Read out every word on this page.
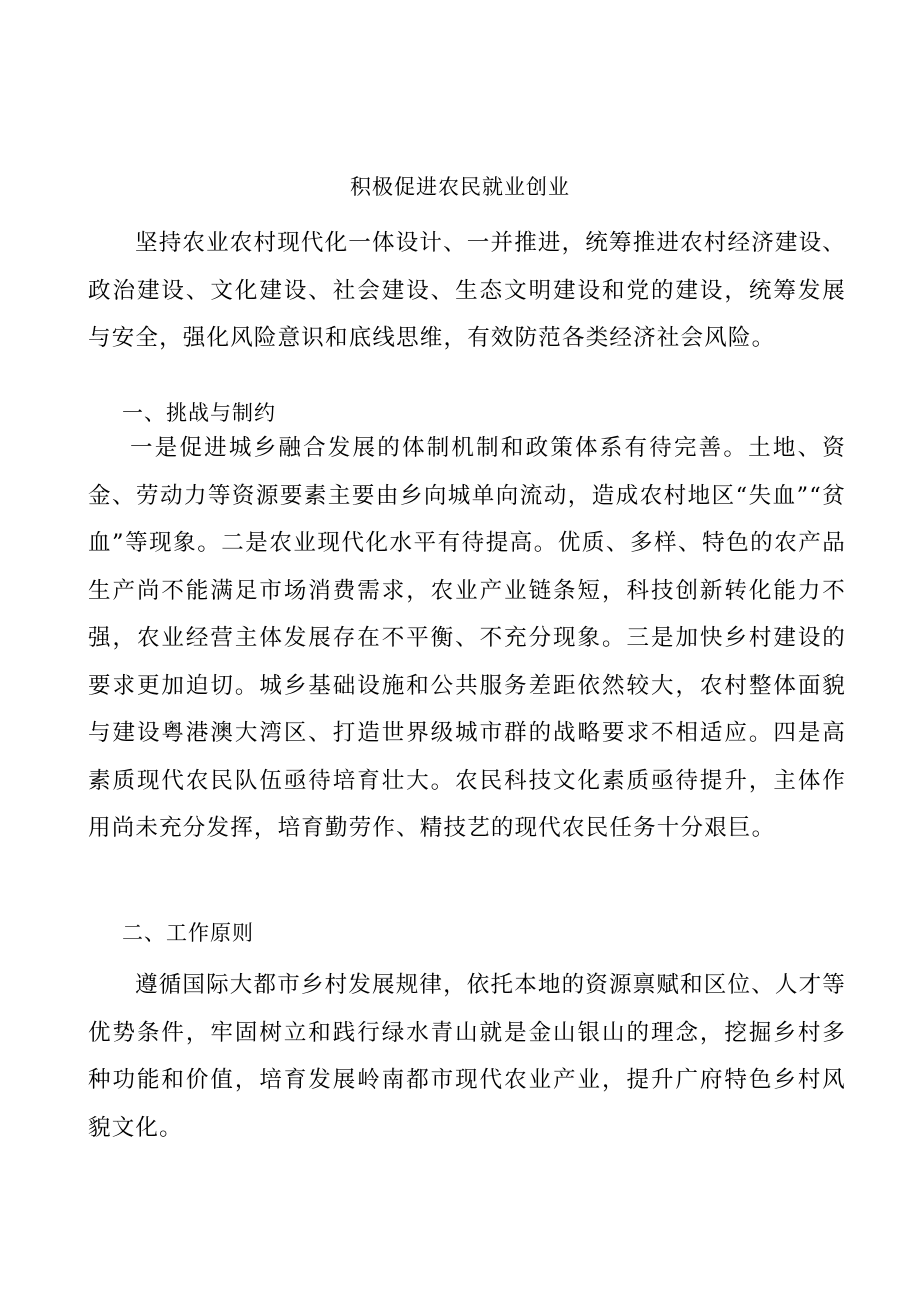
积极促进农民就业创业

坚持农业农村现代化一体设计、一并推进，统筹推进农村经济建设、政治建设、文化建设、社会建设、生态文明建设和党的建设，统筹发展与安全，强化风险意识和底线思维，有效防范各类经济社会风险。

一、挑战与制约

一是促进城乡融合发展的体制机制和政策体系有待完善。土地、资金、劳动力等资源要素主要由乡向城单向流动，造成农村地区“失血”“贫血”等现象。二是农业现代化水平有待提高。优质、多样、特色的农产品生产尚不能满足市场消费需求，农业产业链条短，科技创新转化能力不强，农业经营主体发展存在不平衡、不充分现象。三是加快乡村建设的要求更加迫切。城乡基础设施和公共服务差距依然较大，农村整体面貌与建设粤港澳大湾区、打造世界级城市群的战略要求不相适应。四是高素质现代农民队伍亟待培育壮大。农民科技文化素质亟待提升，主体作用尚未充分发挥，培育勤劳作、精技艺的现代农民任务十分艰巨。

二、工作原则

遵循国际大都市乡村发展规律，依托本地的资源禀赋和区位、人才等优势条件，牢固树立和践行绿水青山就是金山银山的理念，挖掘乡村多种功能和价值，培育发展岭南都市现代农业产业，提升广府特色乡村风貌文化。
